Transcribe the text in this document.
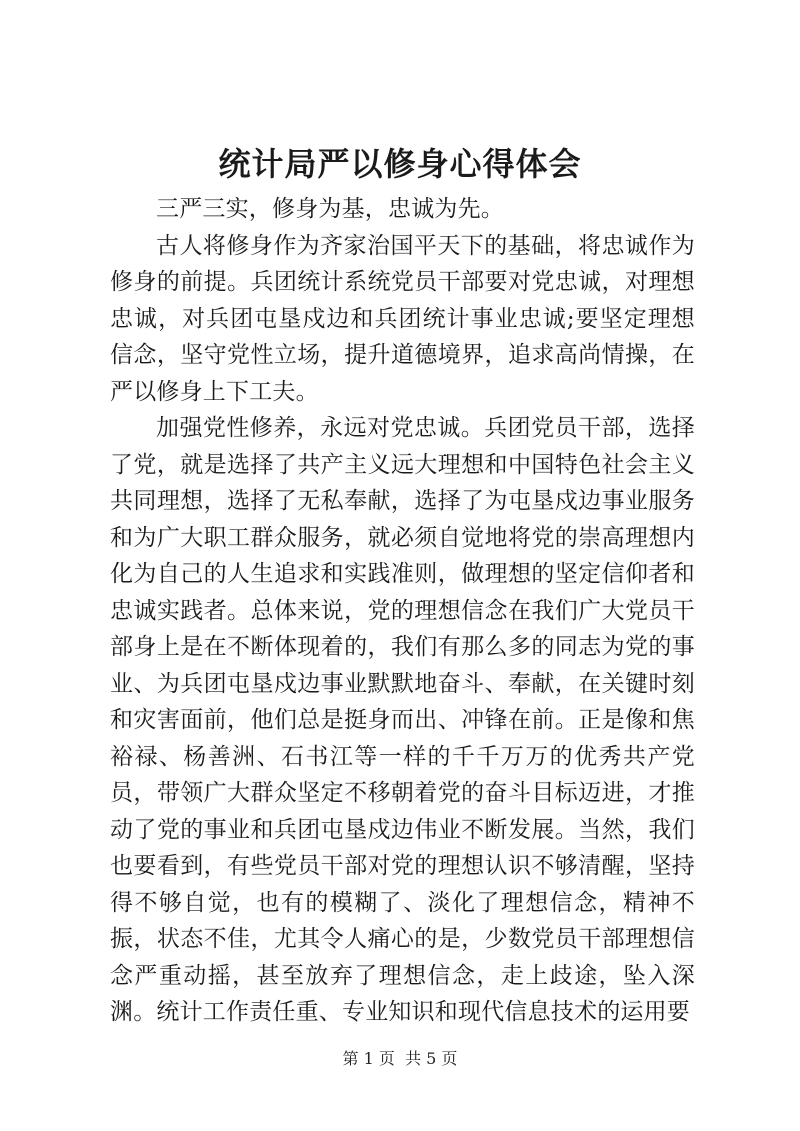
统计局严以修身心得体会

三严三实，修身为基，忠诚为先。

古人将修身作为齐家治国平天下的基础，将忠诚作为修身的前提。兵团统计系统党员干部要对党忠诚，对理想忠诚，对兵团屯垦戍边和兵团统计事业忠诚;要坚定理想信念，坚守党性立场，提升道德境界，追求高尚情操，在严以修身上下工夫。

加强党性修养，永远对党忠诚。兵团党员干部，选择了党，就是选择了共产主义远大理想和中国特色社会主义共同理想，选择了无私奉献，选择了为屯垦戍边事业服务和为广大职工群众服务，就必须自觉地将党的崇高理想内化为自己的人生追求和实践准则，做理想的坚定信仰者和忠诚实践者。总体来说，党的理想信念在我们广大党员干部身上是在不断体现着的，我们有那么多的同志为党的事业、为兵团屯垦戍边事业默默地奋斗、奉献，在关键时刻和灾害面前，他们总是挺身而出、冲锋在前。正是像和焦裕禄、杨善洲、石书江等一样的千千万万的优秀共产党员，带领广大群众坚定不移朝着党的奋斗目标迈进，才推动了党的事业和兵团屯垦戍边伟业不断发展。当然，我们也要看到，有些党员干部对党的理想认识不够清醒，坚持得不够自觉，也有的模糊了、淡化了理想信念，精神不振，状态不佳，尤其令人痛心的是，少数党员干部理想信念严重动摇，甚至放弃了理想信念，走上歧途，坠入深渊。统计工作责任重、专业知识和现代信息技术的运用要

第 1 页  共 5 页
